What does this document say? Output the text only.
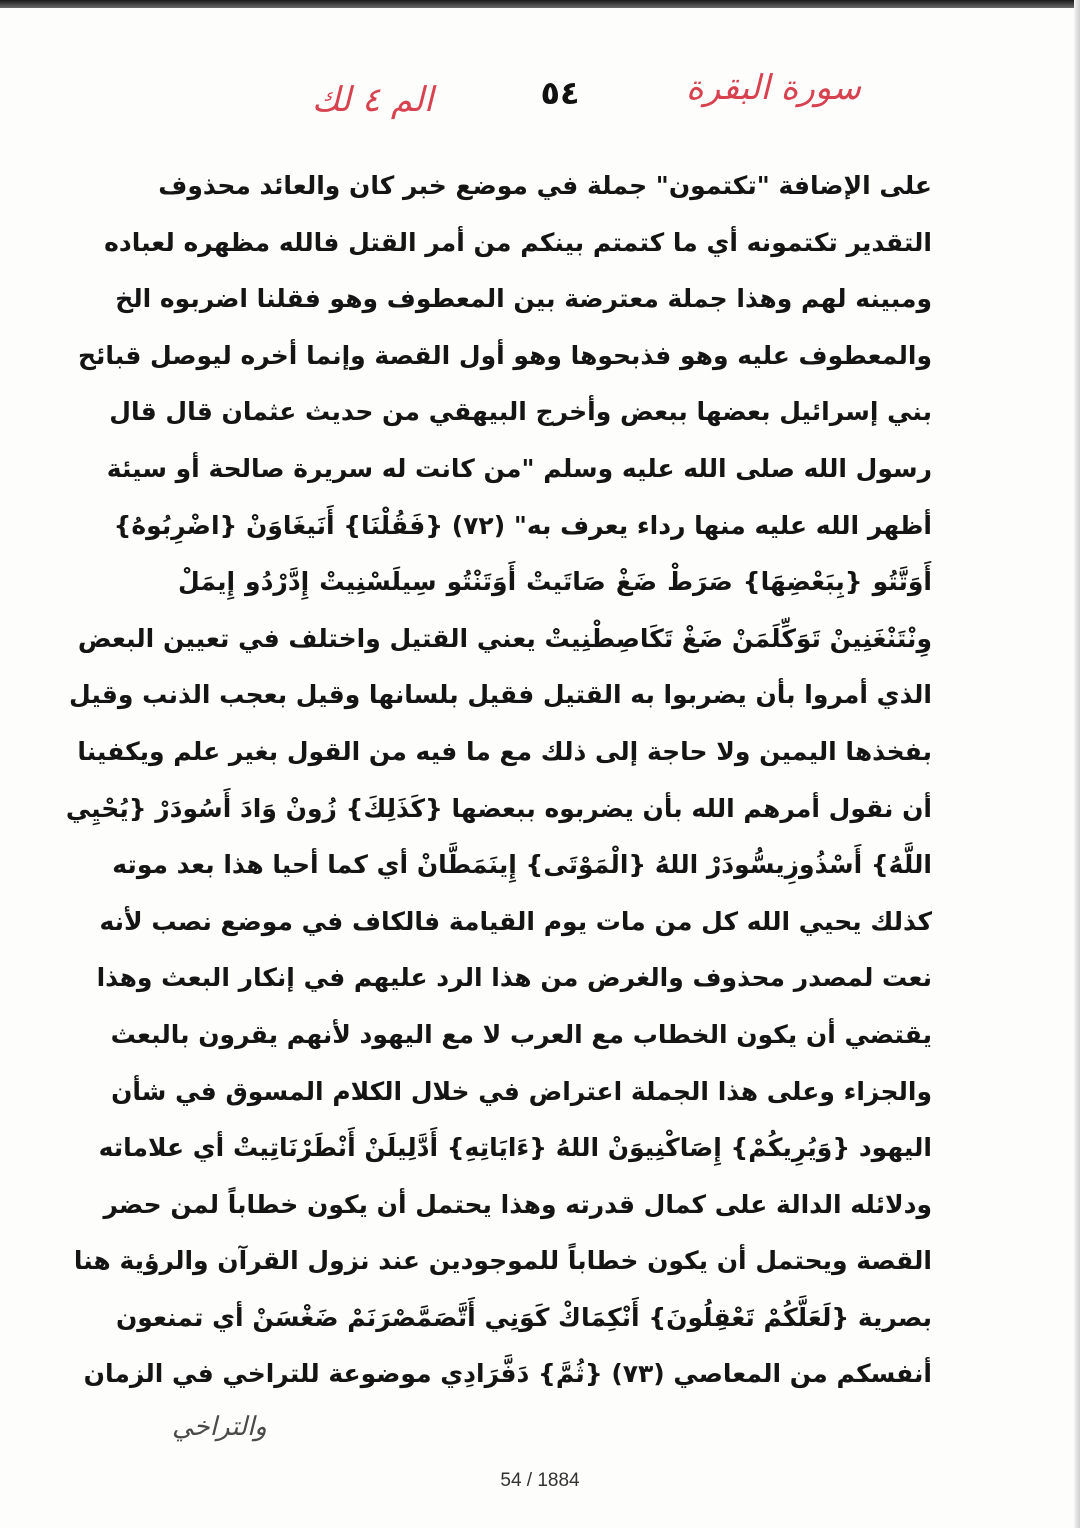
سورة البقرة
٥٤
الم ٤ لك
على الإضافة "تكتمون" جملة في موضع خبر كان والعائد محذوف
التقدير تكتمونه أي ما كتمتم بينكم من أمر القتل فالله مظهره لعباده
ومبينه لهم وهذا جملة معترضة بين المعطوف وهو فقلنا اضربوه الخ
والمعطوف عليه وهو فذبحوها وهو أول القصة وإنما أخره ليوصل قبائح
بني إسرائيل بعضها ببعض وأخرج البيهقي من حديث عثمان قال قال
رسول الله صلى الله عليه وسلم "من كانت له سريرة صالحة أو سيئة
أظهر الله عليه منها رداء يعرف به" (٧٢) {فَقُلْنَا} أَنَيغَاوَنْ {اضْرِبُوهُ}
أَوَتَّتُو {بِبَعْضِهَا} صَرَطْ ضَغْ صَاتَيتْ أَوَتَنْتُو سِيلَسْنِيتْ إِدَّرْدُو إِيمَلْ
وِنْتَنْغَنِينْ تَوَكِّلَمَنْ ضَغْ تَكَاصِطْنِيتْ يعني القتيل واختلف في تعيين البعض
الذي أمروا بأن يضربوا به القتيل فقيل بلسانها وقيل بعجب الذنب وقيل
بفخذها اليمين ولا حاجة إلى ذلك مع ما فيه من القول بغير علم ويكفينا
أن نقول أمرهم الله بأن يضربوه ببعضها {كَذَلِكَ} زُونْ وَادَ أَسُودَرْ {يُحْيِي
اللَّهُ} أَسْذُوزِيسُّودَرْ اللهُ {الْمَوْتَى} إِينَمَطَّانْ أي كما أحيا هذا بعد موته
كذلك يحيي الله كل من مات يوم القيامة فالكاف في موضع نصب لأنه
نعت لمصدر محذوف والغرض من هذا الرد عليهم في إنكار البعث وهذا
يقتضي أن يكون الخطاب مع العرب لا مع اليهود لأنهم يقرون بالبعث
والجزاء وعلى هذا الجملة اعتراض في خلال الكلام المسوق في شأن
اليهود {وَيُرِيكُمْ} إِصَاكْنِيوَنْ اللهُ {ءَايَاتِهِ} أَدَّلِيلَنْ أَنْطَرْنَاتِيتْ أي علاماته
ودلائله الدالة على كمال قدرته وهذا يحتمل أن يكون خطاباً لمن حضر
القصة ويحتمل أن يكون خطاباً للموجودين عند نزول القرآن والرؤية هنا
بصرية {لَعَلَّكُمْ تَعْقِلُونَ} أَنْكِمَاكْ كَوَنِي أَتَّصَمَّصْرَنَمْ ضَغْسَنْ أي تمنعون
أنفسكم من المعاصي (٧٣) {ثُمَّ} دَفَّرَادِي موضوعة للتراخي في الزمان
والتراخي
54 / 1884
